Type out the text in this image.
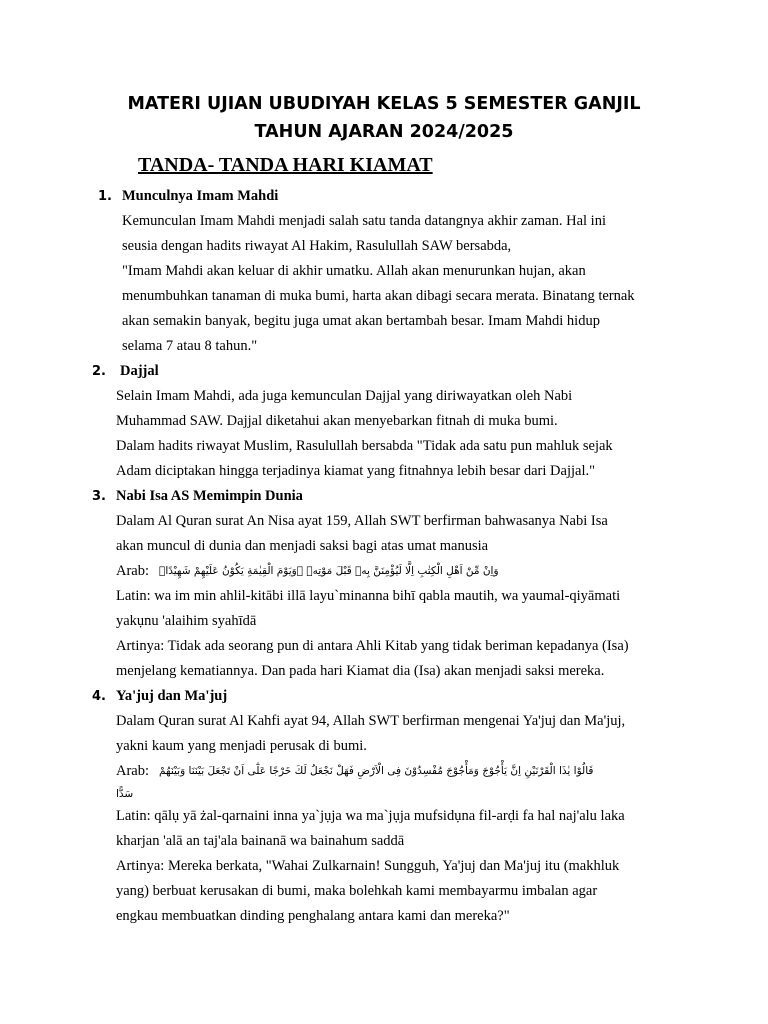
MATERI UJIAN UBUDIYAH KELAS 5 SEMESTER GANJIL
TAHUN AJARAN 2024/2025
TANDA- TANDA HARI KIAMAT
1. Munculnya Imam Mahdi
Kemunculan Imam Mahdi menjadi salah satu tanda datangnya akhir zaman. Hal ini
seusia dengan hadits riwayat Al Hakim, Rasulullah SAW bersabda,
"Imam Mahdi akan keluar di akhir umatku. Allah akan menurunkan hujan, akan
menumbuhkan tanaman di muka bumi, harta akan dibagi secara merata. Binatang ternak
akan semakin banyak, begitu juga umat akan bertambah besar. Imam Mahdi hidup
selama 7 atau 8 tahun."
2. Dajjal
Selain Imam Mahdi, ada juga kemunculan Dajjal yang diriwayatkan oleh Nabi
Muhammad SAW. Dajjal diketahui akan menyebarkan fitnah di muka bumi.
Dalam hadits riwayat Muslim, Rasulullah bersabda "Tidak ada satu pun mahluk sejak
Adam diciptakan hingga terjadinya kiamat yang fitnahnya lebih besar dari Dajjal."
3. Nabi Isa AS Memimpin Dunia
Dalam Al Quran surat An Nisa ayat 159, Allah SWT berfirman bahwasanya Nabi Isa
akan muncul di dunia dan menjadi saksi bagi atas umat manusia
Arab: وَاِنْ مِّنْ اَهْلِ الْكِتٰبِ اِلَّا لَيُؤْمِنَنَّ بِهٖ قَبْلَ مَوْتِهٖ ۚوَيَوْمَ الْقِيٰمَةِ يَكُوْنُ عَلَيْهِمْ شَهِيْدًاۚ
Latin: wa im min ahlil-kitābi illā layu`minanna bihī qabla mautih, wa yaumal-qiyāmati
yakụnu 'alaihim syahīdā
Artinya: Tidak ada seorang pun di antara Ahli Kitab yang tidak beriman kepadanya (Isa)
menjelang kematiannya. Dan pada hari Kiamat dia (Isa) akan menjadi saksi mereka.
4. Ya'juj dan Ma'juj
Dalam Quran surat Al Kahfi ayat 94, Allah SWT berfirman mengenai Ya'juj dan Ma'juj,
yakni kaum yang menjadi perusak di bumi.
Arab: قَالُوْا يٰذَا الْقَرْنَيْنِ اِنَّ يَأْجُوْجَ وَمَأْجُوْجَ مُفْسِدُوْنَ فِى الْاَرْضِ فَهَلْ نَجْعَلُ لَكَ خَرْجًا عَلٰٓى اَنْ تَجْعَلَ بَيْنَنَا وَبَيْنَهُمْ
سَدًّا
Latin: qālụ yā żal-qarnaini inna ya`jụja wa ma`jụja mufsidụna fil-arḍi fa hal naj'alu laka
kharjan 'alā an taj'ala bainanā wa bainahum saddā
Artinya: Mereka berkata, "Wahai Zulkarnain! Sungguh, Ya'juj dan Ma'juj itu (makhluk
yang) berbuat kerusakan di bumi, maka bolehkah kami membayarmu imbalan agar
engkau membuatkan dinding penghalang antara kami dan mereka?"
